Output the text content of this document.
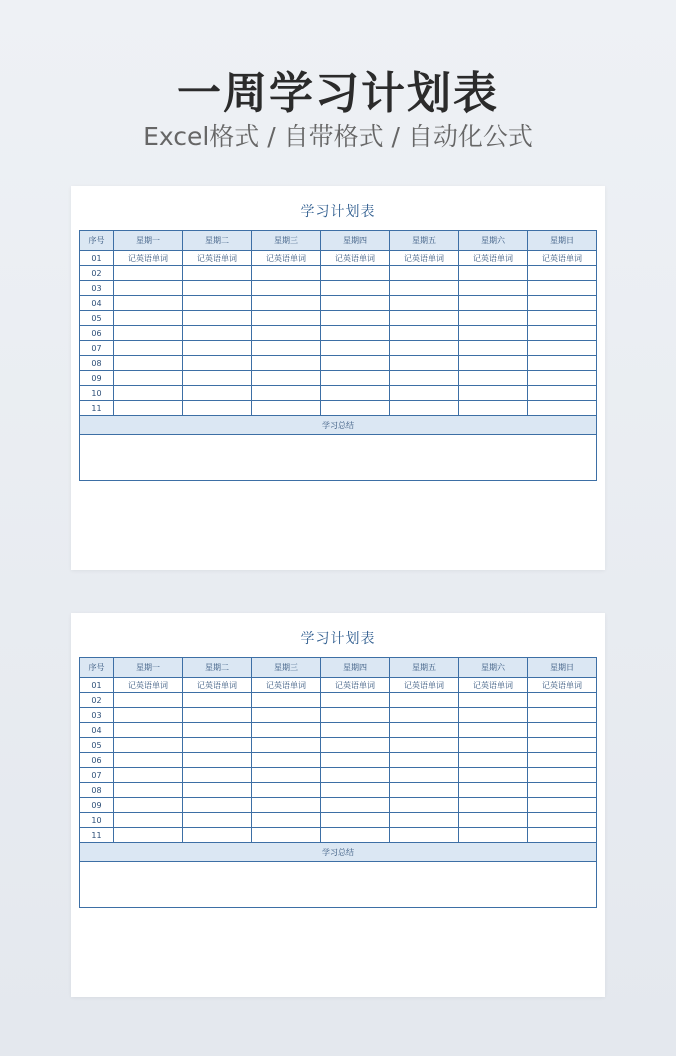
一周学习计划表
Excel格式 / 自带格式 / 自动化公式
学习计划表
序号	星期一	星期二	星期三	星期四	星期五	星期六	星期日
01	记英语单词	记英语单词	记英语单词	记英语单词	记英语单词	记英语单词	记英语单词
02							
03							
04							
05							
06							
07							
08							
09							
10							
11							
学习总结							

学习计划表
序号	星期一	星期二	星期三	星期四	星期五	星期六	星期日
01	记英语单词	记英语单词	记英语单词	记英语单词	记英语单词	记英语单词	记英语单词
02							
03							
04							
05							
06							
07							
08							
09							
10							
11							
学习总结							
